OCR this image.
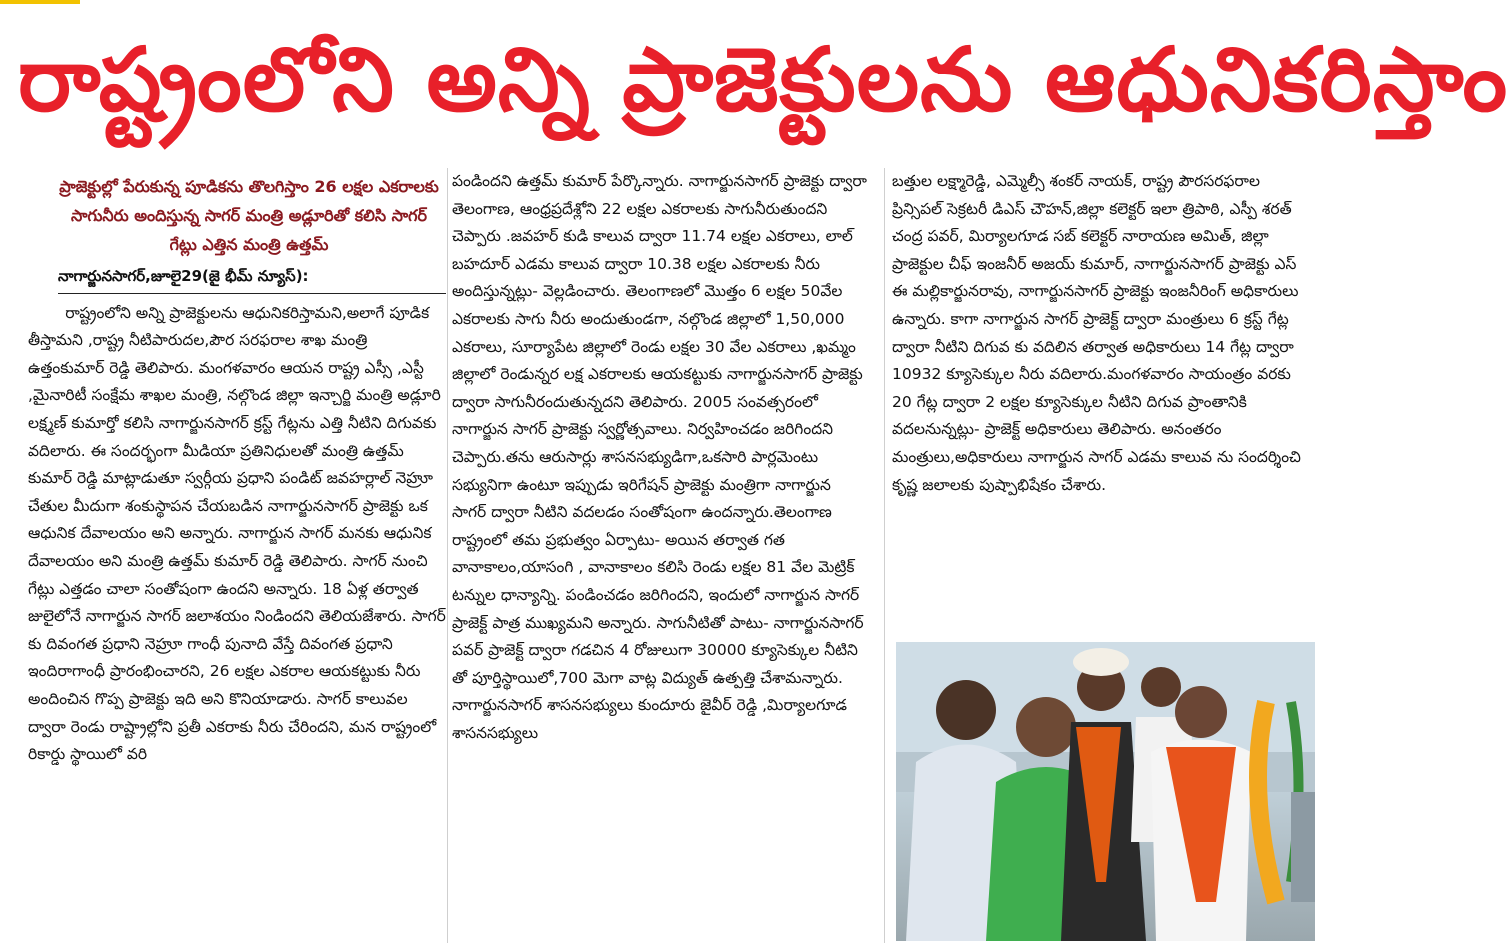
రాష్ట్రంలోని అన్ని ప్రాజెక్టులను ఆధునికరిస్తాం
ప్రాజెక్టుల్లో పేరుకున్న పూడికను తొలగిస్తాం 26 లక్షల ఎకరాలకు సాగునీరు అందిస్తున్న సాగర్ మంత్రి అడ్లూరితో కలిసి సాగర్ గేట్లు ఎత్తిన మంత్రి ఉత్తమ్
నాగార్జునసాగర్,జూలై29(జై భీమ్ న్యూస్):

రాష్ట్రంలోని అన్ని ప్రాజెక్టులను ఆధునికరిస్తామని,అలాగే పూడిక తీస్తామని ,రాష్ట్ర నీటిపారుదల,పౌర సరఫరాల శాఖ మంత్రి ఉత్తంకుమార్ రెడ్డి తెలిపారు. మంగళవారం ఆయన రాష్ట్ర ఎస్సీ ,ఎస్టీ ,మైనారిటీ సంక్షేమ శాఖల మంత్రి, నల్గొండ జిల్లా ఇన్చార్జి మంత్రి అడ్లూరి లక్ష్మణ్ కుమార్తో కలిసి నాగార్జునసాగర్ క్రస్ట్ గేట్లను ఎత్తి నీటిని దిగువకు వదిలారు. ఈ సందర్భంగా మీడియా ప్రతినిధులతో మంత్రి ఉత్తమ్ కుమార్ రెడ్డి మాట్లాడుతూ స్వర్గీయ ప్రధాని పండిట్ జవహర్లాల్ నెహ్రూ చేతుల మీదుగా శంకుస్థాపన చేయబడిన నాగార్జునసాగర్ ప్రాజెక్టు ఒక ఆధునిక దేవాలయం అని అన్నారు. నాగార్జున సాగర్ మనకు ఆధునిక దేవాలయం అని మంత్రి ఉత్తమ్ కుమార్ రెడ్డి తెలిపారు. సాగర్ నుంచి గేట్లు ఎత్తడం చాలా సంతోషంగా ఉందని అన్నారు. 18 ఏళ్ల తర్వాత జులైలోనే నాగార్జున సాగర్ జలాశయం నిండిందని తెలియజేశారు. సాగర్ కు దివంగత ప్రధాని నెహ్రూ గాంధీ పునాది వేస్తే దివంగత ప్రధాని ఇందిరాగాంధీ ప్రారంభించారని, 26 లక్షల ఎకరాల ఆయకట్టుకు నీరు అందించిన గొప్ప ప్రాజెక్టు ఇది అని కొనియాడారు. సాగర్ కాలువల ద్వారా రెండు రాష్ట్రాల్లోని ప్రతీ ఎకరాకు నీరు చేరిందని, మన రాష్ట్రంలో రికార్డు స్థాయిలో వరి

పండిందని ఉత్తమ్ కుమార్ పేర్కొన్నారు. నాగార్జునసాగర్ ప్రాజెక్టు ద్వారా తెలంగాణ, ఆంధ్రప్రదేశ్లోని 22 లక్షల ఎకరాలకు సాగునీరుతుందని చెప్పారు .జవహర్ కుడి కాలువ ద్వారా 11.74 లక్షల ఎకరాలు, లాల్ బహదూర్ ఎడమ కాలువ ద్వారా 10.38 లక్షల ఎకరాలకు నీరు అందిస్తున్నట్లు- వెల్లడించారు. తెలంగాణలో మొత్తం 6 లక్షల 50వేల ఎకరాలకు సాగు నీరు అందుతుండగా, నల్గొండ జిల్లాలో 1,50,000 ఎకరాలు, సూర్యాపేట జిల్లాలో రెండు లక్షల 30 వేల ఎకరాలు ,ఖమ్మం జిల్లాలో రెండున్నర లక్ష ఎకరాలకు ఆయకట్టుకు నాగార్జునసాగర్ ప్రాజెక్టు ద్వారా సాగునీరందుతున్నదని తెలిపారు. 2005 సంవత్సరంలో నాగార్జున సాగర్ ప్రాజెక్టు స్వర్ణోత్సవాలు. నిర్వహించడం జరిగిందని చెప్పారు.తను ఆరుసార్లు శాసనసభ్యుడిగా,ఒకసారి పార్లమెంటు సభ్యునిగా ఉంటూ ఇప్పుడు ఇరిగేషన్ ప్రాజెక్టు మంత్రిగా నాగార్జున సాగర్ ద్వారా నీటిని వదలడం సంతోషంగా ఉందన్నారు.తెలంగాణ రాష్ట్రంలో తమ ప్రభుత్వం ఏర్పాటు- అయిన తర్వాత గత వానాకాలం,యాసంగి , వానాకాలం కలిసి రెండు లక్షల 81 వేల మెట్రిక్ టన్నుల ధాన్యాన్ని. పండించడం జరిగిందని, ఇందులో నాగార్జున సాగర్ ప్రాజెక్ట్ పాత్ర ముఖ్యమని అన్నారు. సాగునీటితో పాటు- నాగార్జునసాగర్ పవర్ ప్రాజెక్ట్ ద్వారా గడచిన 4 రోజులుగా 30000 క్యూసెక్కుల నీటిని తో పూర్తిస్థాయిలో,700 మెగా వాట్ల విద్యుత్ ఉత్పత్తి చేశామన్నారు. నాగార్జునసాగర్ శాసనసభ్యులు కుందూరు జైవీర్ రెడ్డి ,మిర్యాలగూడ శాసనసభ్యులు

బత్తుల లక్ష్మారెడ్డి, ఎమ్మెల్సీ శంకర్ నాయక్, రాష్ట్ర పౌరసరఫరాల ప్రిన్సిపల్ సెక్రటరీ డిఎస్ చౌహన్,జిల్లా కలెక్టర్ ఇలా త్రిపాఠి, ఎస్పీ శరత్ చంద్ర పవర్, మిర్యాలగూడ సబ్ కలెక్టర్ నారాయణ అమిత్, జిల్లా ప్రాజెక్టుల చీఫ్ ఇంజనీర్ అజయ్ కుమార్, నాగార్జునసాగర్ ప్రాజెక్టు ఎస్ ఈ మల్లికార్జునరావు, నాగార్జునసాగర్ ప్రాజెక్టు ఇంజనీరింగ్ అధికారులు ఉన్నారు. కాగా నాగార్జున సాగర్ ప్రాజెక్ట్ ద్వారా మంత్రులు 6 క్రస్ట్ గేట్ల ద్వారా నీటిని దిగువ కు వదిలిన తర్వాత అధికారులు 14 గేట్ల ద్వారా 10932 క్యూసెక్కుల నీరు వదిలారు.మంగళవారం సాయంత్రం వరకు 20 గేట్ల ద్వారా 2 లక్షల క్యూసెక్కుల నీటిని దిగువ ప్రాంతానికి వదలనున్నట్లు- ప్రాజెక్ట్ అధికారులు తెలిపారు. అనంతరం మంత్రులు,అధికారులు నాగార్జున సాగర్ ఎడమ కాలువ ను సందర్శించి కృష్ణ జలాలకు పుష్పాభిషేకం చేశారు.
